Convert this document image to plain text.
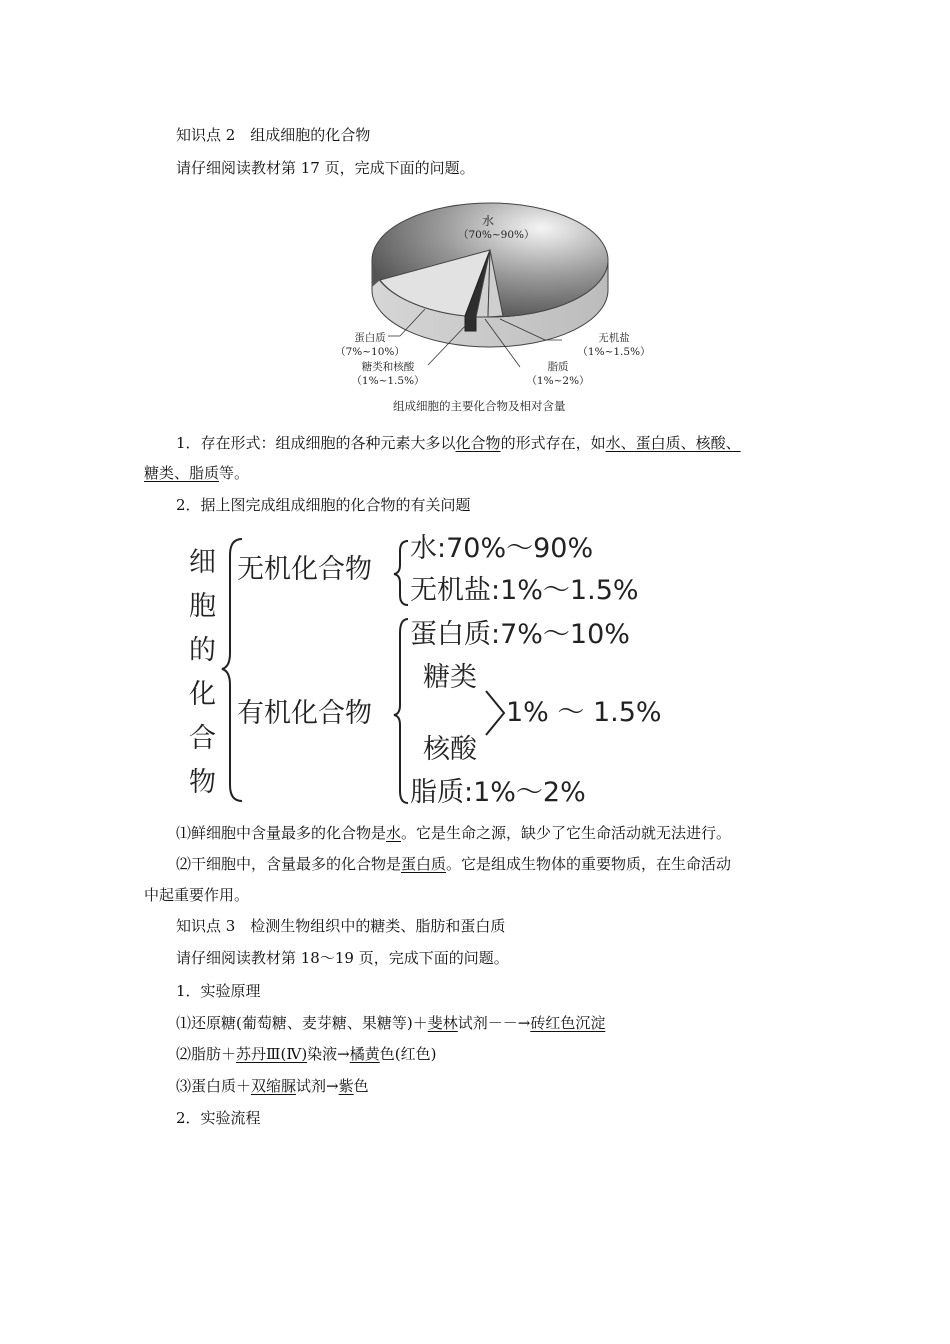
知识点 2　组成细胞的化合物
请仔细阅读教材第 17 页，完成下面的问题。
水
（70%~90%）
蛋白质
（7%~10%）
糖类和核酸
（1%~1.5%）
无机盐
（1%~1.5%）
脂质
（1%~2%）
组成细胞的主要化合物及相对含量
1．存在形式：组成细胞的各种元素大多以化合物的形式存在，如水、蛋白质、核酸、
糖类、脂质等。
2．据上图完成组成细胞的化合物的有关问题
细
胞
的
化
合
物
无机化合物
有机化合物
水:70%～90%
无机盐:1%～1.5%
蛋白质:7%～10%
糖类
核酸
1% ～ 1.5%
脂质:1%～2%
⑴鲜细胞中含量最多的化合物是水。它是生命之源，缺少了它生命活动就无法进行。
⑵干细胞中，含量最多的化合物是蛋白质。它是组成生物体的重要物质，在生命活动
中起重要作用。
知识点 3　检测生物组织中的糖类、脂肪和蛋白质
请仔细阅读教材第 18～19 页，完成下面的问题。
1．实验原理
⑴还原糖(葡萄糖、麦芽糖、果糖等)＋斐林试剂－－→砖红色沉淀
⑵脂肪＋苏丹Ⅲ(Ⅳ)染液→橘黄色(红色)
⑶蛋白质＋双缩脲试剂→紫色
2．实验流程
